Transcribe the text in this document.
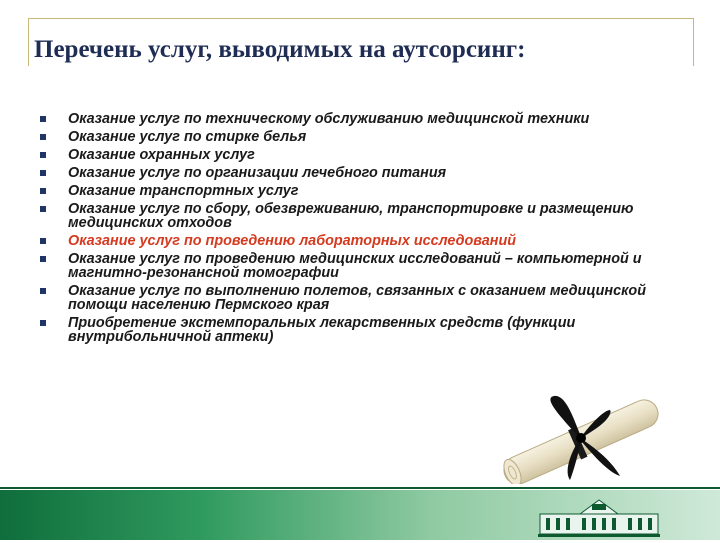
Перечень услуг, выводимых на аутсорсинг:
Оказание услуг по техническому обслуживанию медицинской техники
Оказание услуг по стирке белья
Оказание охранных услуг
Оказание услуг по организации лечебного питания
Оказание транспортных услуг
Оказание услуг по сбору, обезвреживанию, транспортировке и размещению медицинских отходов
Оказание услуг по проведению лабораторных исследований
Оказание услуг по проведению медицинских исследований – компьютерной и магнитно-резонансной томографии
Оказание услуг по выполнению полетов, связанных с оказанием медицинской помощи населению Пермского края
Приобретение экстемпоральных лекарственных средств (функции внутрибольничной аптеки)
